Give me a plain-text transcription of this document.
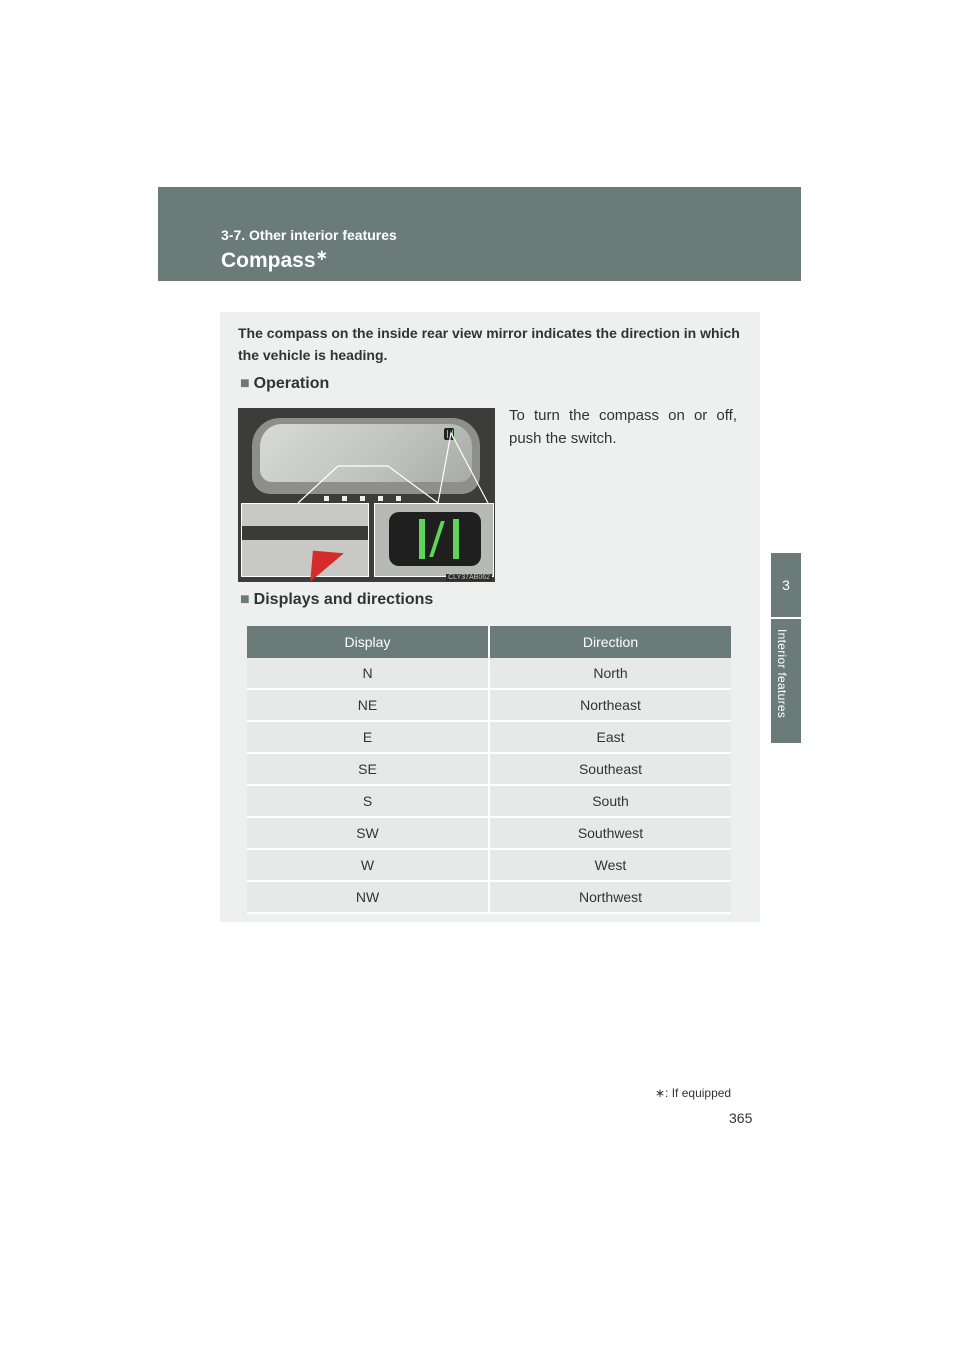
3-7. Other interior features
Compass∗
3
Interior features
The compass on the inside rear view mirror indicates the direction in which the vehicle is heading.
■ Operation
CLY37AB062
To turn the compass on or off, push the switch.
■ Displays and directions
Display	Direction
N	North
NE	Northeast
E	East
SE	Southeast
S	South
SW	Southwest
W	West
NW	Northwest
∗: If equipped
365
